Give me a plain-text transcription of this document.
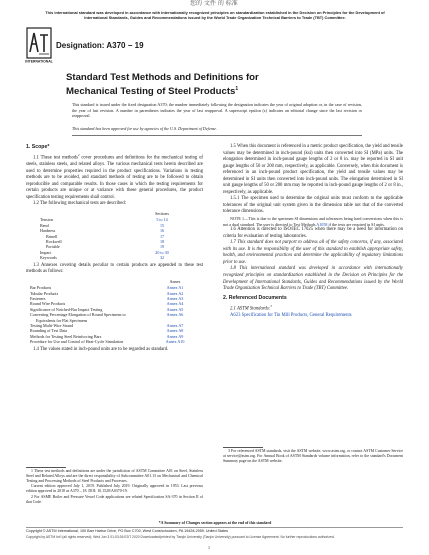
您的 文件 的 标准
This international standard was developed in accordance with internationally recognized principles on standardization established in the Decision on Principles for the Development of International Standards, Guides and Recommendations issued by the World Trade Organization Technical Barriers to Trade (TBT) Committee.
INTERNATIONAL
Designation: A370 − 19
Standard Test Methods and Definitions for
Mechanical Testing of Steel Products$^1$
This standard is issued under the fixed designation A370; the number immediately following the designation indicates the year of original adoption or, in the case of revision, the year of last revision. A number in parentheses indicates the year of last reapproval. A superscript epsilon (ε) indicates an editorial change since the last revision or reapproval.
This standard has been approved for use by agencies of the U.S. Department of Defense.

1. Scope*

1.1 These test methods$^2$ cover procedures and definitions for the mechanical testing of steels, stainless steels, and related alloys. The various mechanical tests herein described are used to determine properties required in the product specifications. Variations in testing methods are to be avoided, and standard methods of testing are to be followed to obtain reproducible and comparable results. In those cases in which the testing requirements for certain products are unique or at variance with these general procedures, the product specification testing requirements shall control.

1.2 The following mechanical tests are described:

	Sections
Tension	5 to 14
Bend	15
Hardness	16
Brinell	17
Rockwell	18
Portable	19
Impact	20 to 30
Keywords	32

1.3 Annexes covering details peculiar to certain products are appended to these test methods as follows:

	Annex
Bar Products	Annex A1
Tubular Products	Annex A2
Fasteners	Annex A3
Round Wire Products	Annex A4
Significance of Notched-Bar Impact Testing	Annex A5
Converting Percentage Elongation of Round Specimens to	Annex A6
Equivalents for Flat Specimens	
Testing Multi-Wire Strand	Annex A7
Rounding of Test Data	Annex A8
Methods for Testing Steel Reinforcing Bars	Annex A9
Procedure for Use and Control of Heat-Cycle Simulation	Annex A10

1.4 The values stated in inch-pound units are to be regarded as standard.

1.5 When this document is referenced in a metric product specification, the yield and tensile values may be determined in inch-pound (ksi) units then converted into SI (MPa) units. The elongation determined in inch-pound gauge lengths of 2 or 8 in. may be reported in SI unit gauge lengths of 50 or 200 mm, respectively, as applicable. Conversely, when this document is referenced in an inch-pound product specification, the yield and tensile values may be determined in SI units then converted into inch-pound units. The elongation determined in SI unit gauge lengths of 50 or 200 mm may be reported in inch-pound gauge lengths of 2 or 8 in., respectively, as applicable.

1.5.1 The specimen used to determine the original units must conform to the applicable tolerances of the original unit system given in the dimension table not that of the converted tolerance dimensions.

NOTE 1—This is due to the specimen SI dimensions and tolerances being hard conversions when this is not a dual standard. The user is directed to Test Methods A1058 if the tests are required in SI units.

1.6 Attention is directed to ISO/IEC 17025 when there may be a need for information on criteria for evaluation of testing laboratories.

1.7 This standard does not purport to address all of the safety concerns, if any, associated with its use. It is the responsibility of the user of this standard to establish appropriate safety, health, and environmental practices and determine the applicability of regulatory limitations prior to use.

1.8 This international standard was developed in accordance with internationally recognized principles on standardization established in the Decision on Principles for the Development of International Standards, Guides and Recommendations issued by the World Trade Organization Technical Barriers to Trade (TBT) Committee.

2. Referenced Documents

2.1 ASTM Standards:$^3$

A623 Specification for Tin Mill Products, General Requirements

1 These test methods and definitions are under the jurisdiction of ASTM Committee A01 on Steel, Stainless Steel and Related Alloys and are the direct responsibility of Subcommittee A01.13 on Mechanical and Chemical Testing and Processing Methods of Steel Products and Processes.

Current edition approved July 1, 2019. Published July 2019. Originally approved in 1953. Last previous edition approved in 2018 as A370 – 18. DOI: 10.1520/A0370-19.

2 For ASME Boiler and Pressure Vessel Code applications see related Specification SA-370 in Section II of that Code.

3 For referenced ASTM standards, visit the ASTM website, www.astm.org, or contact ASTM Customer Service at service@astm.org. For Annual Book of ASTM Standards volume information, refer to the standard's Document Summary page on the ASTM website.

*A Summary of Changes section appears at the end of this standard
Copyright © ASTM International, 100 Barr Harbor Drive, PO Box C700, West Conshohocken, PA 19428-2959. United States
Copyright by ASTM Int'l (all rights reserved); Wed Jun 3 01:03:36 EDT 2020 Downloaded/printed by Tianjin University (Tianjin University) pursuant to License Agreement. No further reproductions authorized.
1
